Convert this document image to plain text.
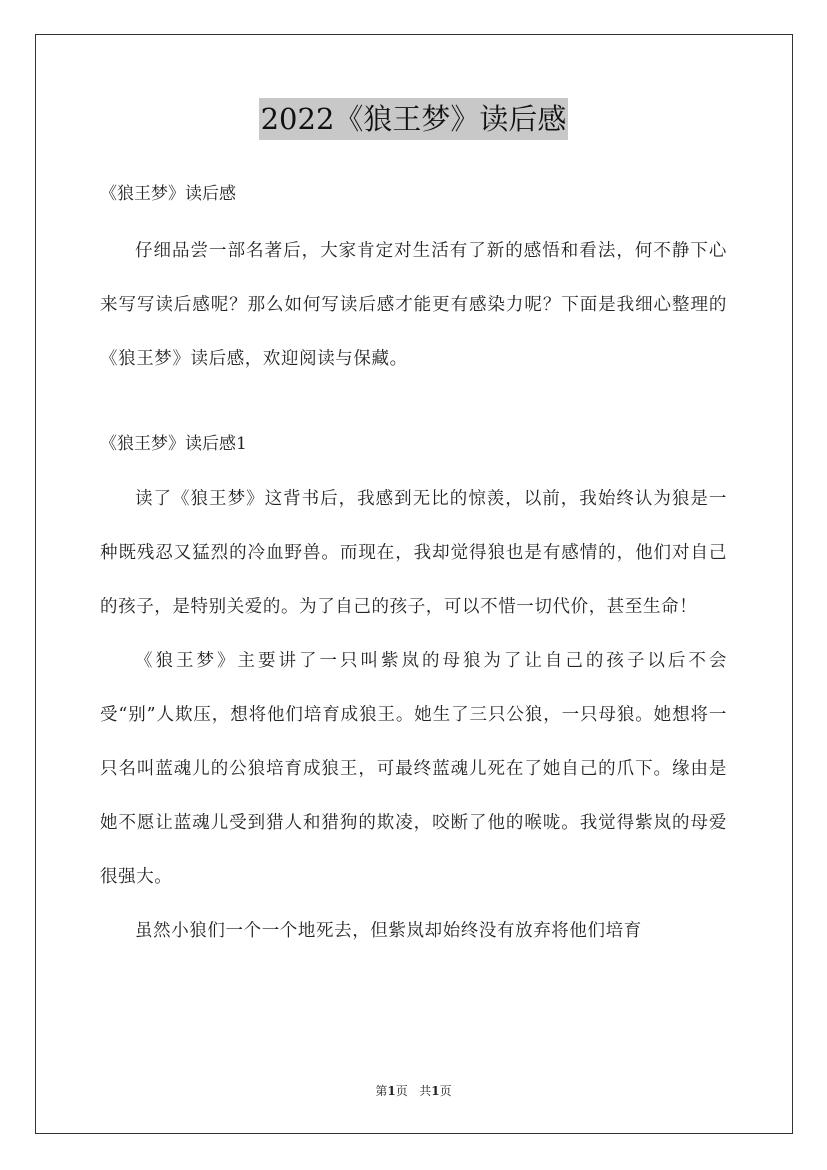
2022《狼王梦》读后感

《狼王梦》读后感

仔细品尝一部名著后，大家肯定对生活有了新的感悟和看法，何不静下心来写写读后感呢？那么如何写读后感才能更有感染力呢？下面是我细心整理的《狼王梦》读后感，欢迎阅读与保藏。

《狼王梦》读后感1

读了《狼王梦》这背书后，我感到无比的惊羡，以前，我始终认为狼是一种既残忍又猛烈的冷血野兽。而现在，我却觉得狼也是有感情的，他们对自己的孩子，是特别关爱的。为了自己的孩子，可以不惜一切代价，甚至生命！

《狼王梦》主要讲了一只叫紫岚的母狼为了让自己的孩子以后不会受“别”人欺压，想将他们培育成狼王。她生了三只公狼，一只母狼。她想将一只名叫蓝魂儿的公狼培育成狼王，可最终蓝魂儿死在了她自己的爪下。缘由是她不愿让蓝魂儿受到猎人和猎狗的欺凌，咬断了他的喉咙。我觉得紫岚的母爱很强大。

虽然小狼们一个一个地死去，但紫岚却始终没有放弃将他们培育

第1页 共1页
